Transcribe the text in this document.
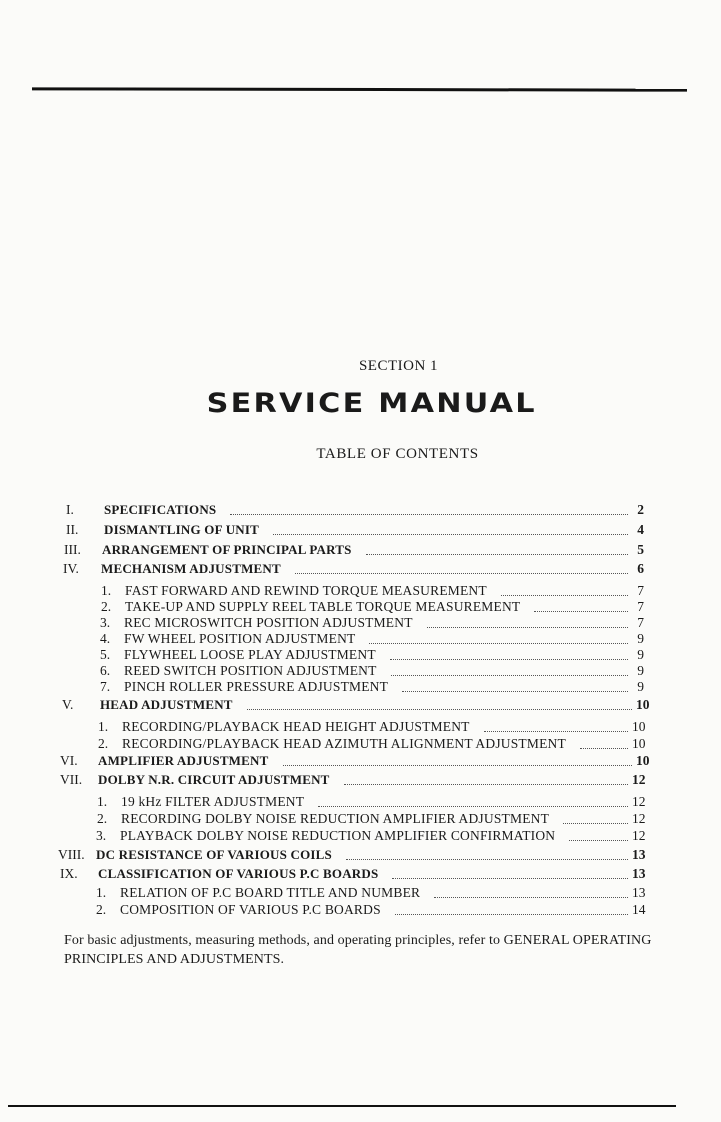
SECTION 1
SERVICE MANUAL
TABLE OF CONTENTS
I.	SPECIFICATIONS	2
II.	DISMANTLING OF UNIT	4
III.	ARRANGEMENT OF PRINCIPAL PARTS	5
IV.	MECHANISM ADJUSTMENT	6
1.	FAST FORWARD AND REWIND TORQUE MEASUREMENT	7
2.	TAKE-UP AND SUPPLY REEL TABLE TORQUE MEASUREMENT	7
3.	REC MICROSWITCH POSITION ADJUSTMENT	7
4.	FW WHEEL POSITION ADJUSTMENT	9
5.	FLYWHEEL LOOSE PLAY ADJUSTMENT	9
6.	REED SWITCH POSITION ADJUSTMENT	9
7.	PINCH ROLLER PRESSURE ADJUSTMENT	9
V.	HEAD ADJUSTMENT	10
1.	RECORDING/PLAYBACK HEAD HEIGHT ADJUSTMENT	10
2.	RECORDING/PLAYBACK HEAD AZIMUTH ALIGNMENT ADJUSTMENT	10
VI.	AMPLIFIER ADJUSTMENT	10
VII.	DOLBY N.R. CIRCUIT ADJUSTMENT	12
1.	19 kHz FILTER ADJUSTMENT	12
2.	RECORDING DOLBY NOISE REDUCTION AMPLIFIER ADJUSTMENT	12
3.	PLAYBACK DOLBY NOISE REDUCTION AMPLIFIER CONFIRMATION	12
VIII. DC RESISTANCE OF VARIOUS COILS	13
IX.	CLASSIFICATION OF VARIOUS P.C BOARDS	13
1.	RELATION OF P.C BOARD TITLE AND NUMBER	13
2.	COMPOSITION OF VARIOUS P.C BOARDS	14
For basic adjustments, measuring methods, and operating principles, refer to GENERAL OPERATING
PRINCIPLES AND ADJUSTMENTS.
